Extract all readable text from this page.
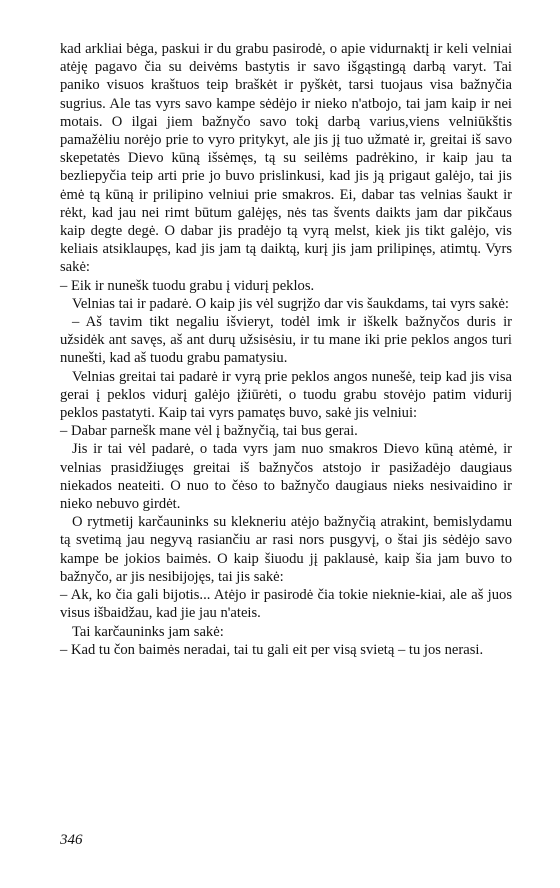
kad arkliai bėga, paskui ir du grabu pasirodė, o apie vidurnaktį ir keli velniai atėję pagavo čia su deivėms bastytis ir savo išgąstingą darbą varyt. Tai paniko visuos kraštuos teip braškėt ir pyškėt, tarsi tuojaus visa bažnyčia sugrius. Ale tas vyrs savo kampe sėdėjo ir nieko n'atbojo, tai jam kaip ir nei motais. O ilgai jiem bažnyčo savo tokį darbą varius,viens velniūkštis pamažėliu norėjo prie to vyro pritykyt, ale jis jį tuo užmatė ir, greitai iš savo skepetatės Dievo kūną išsėmęs, tą su seilėms padrėkino, ir kaip jau ta bezliepyčia teip arti prie jo buvo prislinkusi, kad jis ją prigaut galėjo, tai jis ėmė tą kūną ir prilipino velniui prie smakros. Ei, dabar tas velnias šaukt ir rėkt, kad jau nei rimt būtum galėjęs, nės tas švents daikts jam dar pikčaus kaip degte degė. O dabar jis pradėjo tą vyrą melst, kiek jis tikt galėjo, vis keliais atsiklaupęs, kad jis jam tą daiktą, kurį jis jam prilipinęs, atimtų. Vyrs sakė:

– Eik ir nunešk tuodu grabu į vidurį peklos.

Velnias tai ir padarė. O kaip jis vėl sugrįžo dar vis šaukdams, tai vyrs sakė:

– Aš tavim tikt negaliu išvieryt, todėl imk ir iškelk bažnyčos duris ir užsidėk ant savęs, aš ant durų užsisėsiu, ir tu mane iki prie peklos angos turi nunešti, kad aš tuodu grabu pamatysiu.

Velnias greitai tai padarė ir vyrą prie peklos angos nunešė, teip kad jis visa gerai į peklos vidurį galėjo įžiūrėti, o tuodu grabu stovėjo patim vidurij peklos pastatyti. Kaip tai vyrs pamatęs buvo, sakė jis velniui:

– Dabar parnešk mane vėl į bažnyčią, tai bus gerai.

Jis ir tai vėl padarė, o tada vyrs jam nuo smakros Dievo kūną atėmė, ir velnias prasidžiugęs greitai iš bažnyčos atstojo ir pasižadėjo daugiaus niekados neateiti. O nuo to čėso to bažnyčo daugiaus nieks nesivaidino ir nieko nebuvo girdėt.

O rytmetij karčauninks su klekneriu atėjo bažnyčią atrakint, bemislydamu tą svetimą jau negyvą rasiančiu ar rasi nors pusgyvį, o štai jis sėdėjo savo kampe be jokios baimės. O kaip šiuodu jį paklausė, kaip šia jam buvo to bažnyčo, ar jis nesibijojęs, tai jis sakė:

– Ak, ko čia gali bijotis... Atėjo ir pasirodė čia tokie nieknie-kiai, ale aš juos visus išbaidžau, kad jie jau n'ateis.

Tai karčauninks jam sakė:

– Kad tu čon baimės neradai, tai tu gali eit per visą svietą – tu jos nerasi.

346
